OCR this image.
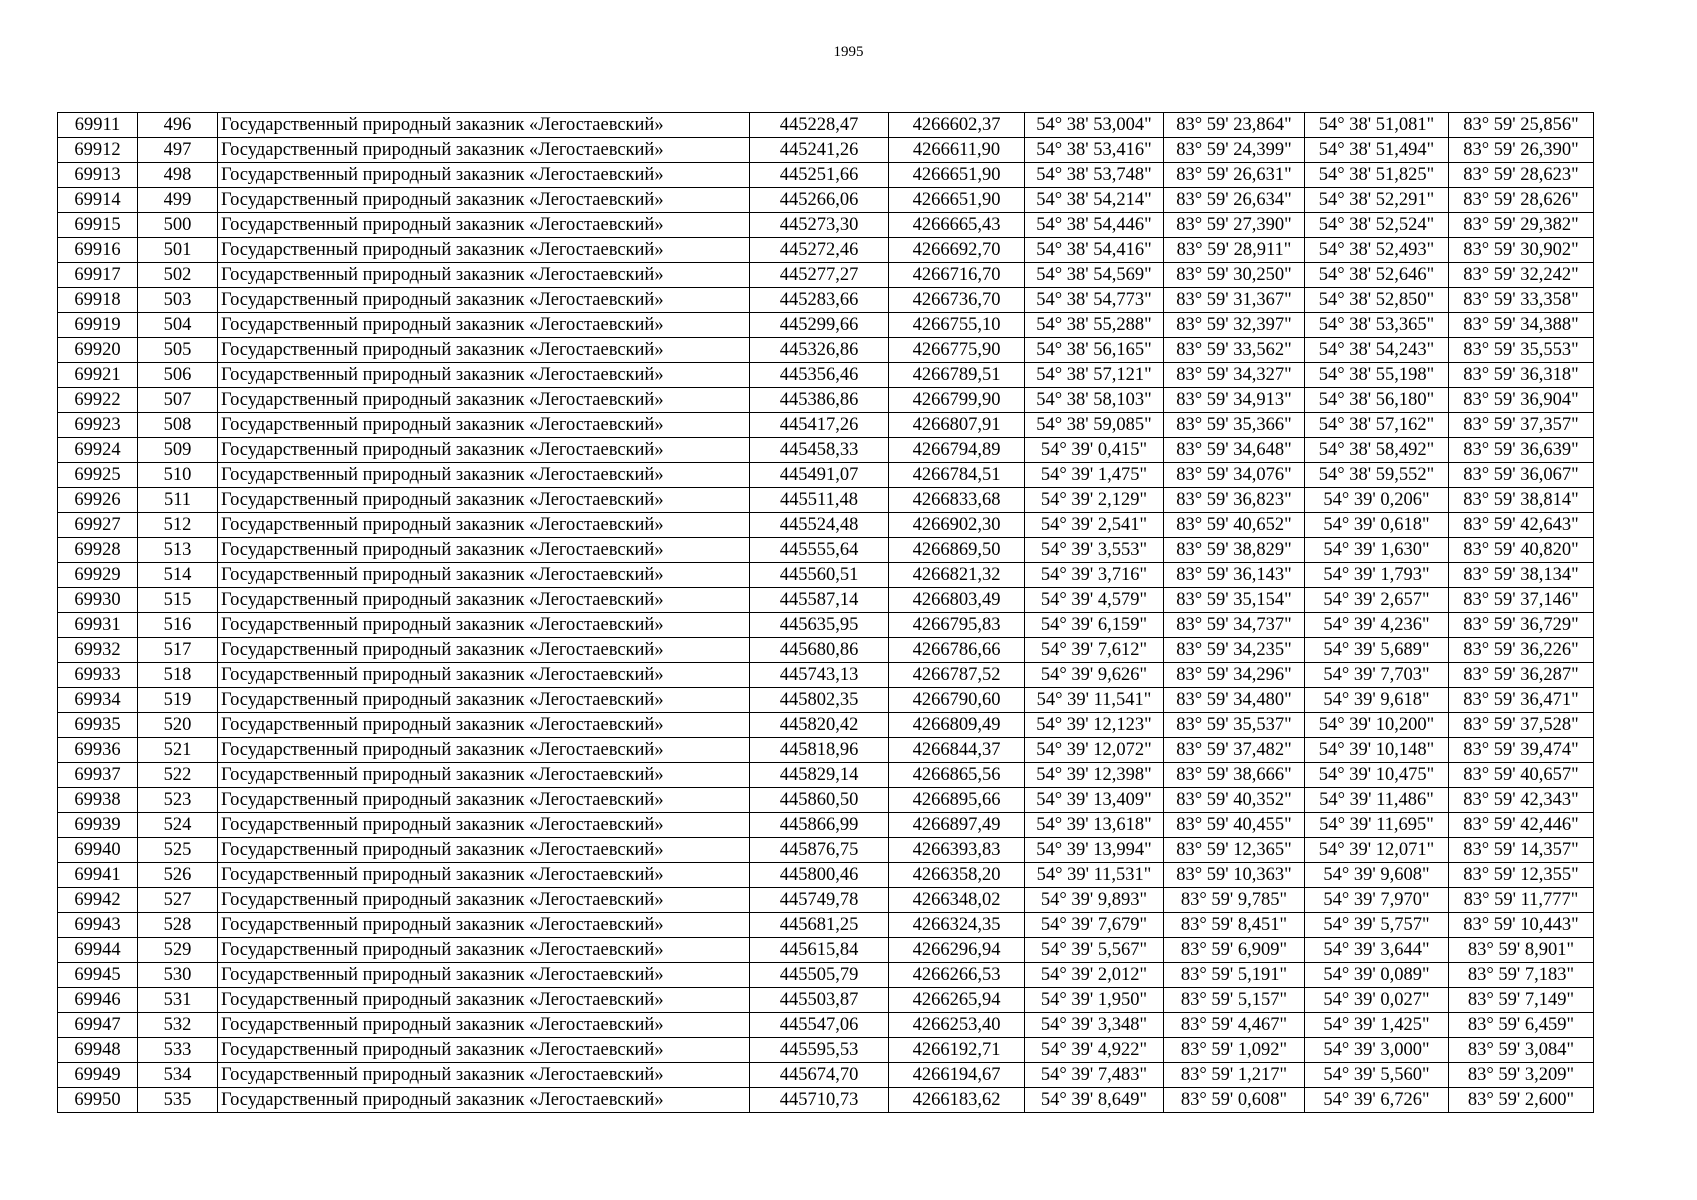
1995
69911	496	Государственный природный заказник «Легостаевский»	445228,47	4266602,37	54° 38' 53,004"	83° 59' 23,864"	54° 38' 51,081"	83° 59' 25,856"
69912	497	Государственный природный заказник «Легостаевский»	445241,26	4266611,90	54° 38' 53,416"	83° 59' 24,399"	54° 38' 51,494"	83° 59' 26,390"
69913	498	Государственный природный заказник «Легостаевский»	445251,66	4266651,90	54° 38' 53,748"	83° 59' 26,631"	54° 38' 51,825"	83° 59' 28,623"
69914	499	Государственный природный заказник «Легостаевский»	445266,06	4266651,90	54° 38' 54,214"	83° 59' 26,634"	54° 38' 52,291"	83° 59' 28,626"
69915	500	Государственный природный заказник «Легостаевский»	445273,30	4266665,43	54° 38' 54,446"	83° 59' 27,390"	54° 38' 52,524"	83° 59' 29,382"
69916	501	Государственный природный заказник «Легостаевский»	445272,46	4266692,70	54° 38' 54,416"	83° 59' 28,911"	54° 38' 52,493"	83° 59' 30,902"
69917	502	Государственный природный заказник «Легостаевский»	445277,27	4266716,70	54° 38' 54,569"	83° 59' 30,250"	54° 38' 52,646"	83° 59' 32,242"
69918	503	Государственный природный заказник «Легостаевский»	445283,66	4266736,70	54° 38' 54,773"	83° 59' 31,367"	54° 38' 52,850"	83° 59' 33,358"
69919	504	Государственный природный заказник «Легостаевский»	445299,66	4266755,10	54° 38' 55,288"	83° 59' 32,397"	54° 38' 53,365"	83° 59' 34,388"
69920	505	Государственный природный заказник «Легостаевский»	445326,86	4266775,90	54° 38' 56,165"	83° 59' 33,562"	54° 38' 54,243"	83° 59' 35,553"
69921	506	Государственный природный заказник «Легостаевский»	445356,46	4266789,51	54° 38' 57,121"	83° 59' 34,327"	54° 38' 55,198"	83° 59' 36,318"
69922	507	Государственный природный заказник «Легостаевский»	445386,86	4266799,90	54° 38' 58,103"	83° 59' 34,913"	54° 38' 56,180"	83° 59' 36,904"
69923	508	Государственный природный заказник «Легостаевский»	445417,26	4266807,91	54° 38' 59,085"	83° 59' 35,366"	54° 38' 57,162"	83° 59' 37,357"
69924	509	Государственный природный заказник «Легостаевский»	445458,33	4266794,89	54° 39' 0,415"	83° 59' 34,648"	54° 38' 58,492"	83° 59' 36,639"
69925	510	Государственный природный заказник «Легостаевский»	445491,07	4266784,51	54° 39' 1,475"	83° 59' 34,076"	54° 38' 59,552"	83° 59' 36,067"
69926	511	Государственный природный заказник «Легостаевский»	445511,48	4266833,68	54° 39' 2,129"	83° 59' 36,823"	54° 39' 0,206"	83° 59' 38,814"
69927	512	Государственный природный заказник «Легостаевский»	445524,48	4266902,30	54° 39' 2,541"	83° 59' 40,652"	54° 39' 0,618"	83° 59' 42,643"
69928	513	Государственный природный заказник «Легостаевский»	445555,64	4266869,50	54° 39' 3,553"	83° 59' 38,829"	54° 39' 1,630"	83° 59' 40,820"
69929	514	Государственный природный заказник «Легостаевский»	445560,51	4266821,32	54° 39' 3,716"	83° 59' 36,143"	54° 39' 1,793"	83° 59' 38,134"
69930	515	Государственный природный заказник «Легостаевский»	445587,14	4266803,49	54° 39' 4,579"	83° 59' 35,154"	54° 39' 2,657"	83° 59' 37,146"
69931	516	Государственный природный заказник «Легостаевский»	445635,95	4266795,83	54° 39' 6,159"	83° 59' 34,737"	54° 39' 4,236"	83° 59' 36,729"
69932	517	Государственный природный заказник «Легостаевский»	445680,86	4266786,66	54° 39' 7,612"	83° 59' 34,235"	54° 39' 5,689"	83° 59' 36,226"
69933	518	Государственный природный заказник «Легостаевский»	445743,13	4266787,52	54° 39' 9,626"	83° 59' 34,296"	54° 39' 7,703"	83° 59' 36,287"
69934	519	Государственный природный заказник «Легостаевский»	445802,35	4266790,60	54° 39' 11,541"	83° 59' 34,480"	54° 39' 9,618"	83° 59' 36,471"
69935	520	Государственный природный заказник «Легостаевский»	445820,42	4266809,49	54° 39' 12,123"	83° 59' 35,537"	54° 39' 10,200"	83° 59' 37,528"
69936	521	Государственный природный заказник «Легостаевский»	445818,96	4266844,37	54° 39' 12,072"	83° 59' 37,482"	54° 39' 10,148"	83° 59' 39,474"
69937	522	Государственный природный заказник «Легостаевский»	445829,14	4266865,56	54° 39' 12,398"	83° 59' 38,666"	54° 39' 10,475"	83° 59' 40,657"
69938	523	Государственный природный заказник «Легостаевский»	445860,50	4266895,66	54° 39' 13,409"	83° 59' 40,352"	54° 39' 11,486"	83° 59' 42,343"
69939	524	Государственный природный заказник «Легостаевский»	445866,99	4266897,49	54° 39' 13,618"	83° 59' 40,455"	54° 39' 11,695"	83° 59' 42,446"
69940	525	Государственный природный заказник «Легостаевский»	445876,75	4266393,83	54° 39' 13,994"	83° 59' 12,365"	54° 39' 12,071"	83° 59' 14,357"
69941	526	Государственный природный заказник «Легостаевский»	445800,46	4266358,20	54° 39' 11,531"	83° 59' 10,363"	54° 39' 9,608"	83° 59' 12,355"
69942	527	Государственный природный заказник «Легостаевский»	445749,78	4266348,02	54° 39' 9,893"	83° 59' 9,785"	54° 39' 7,970"	83° 59' 11,777"
69943	528	Государственный природный заказник «Легостаевский»	445681,25	4266324,35	54° 39' 7,679"	83° 59' 8,451"	54° 39' 5,757"	83° 59' 10,443"
69944	529	Государственный природный заказник «Легостаевский»	445615,84	4266296,94	54° 39' 5,567"	83° 59' 6,909"	54° 39' 3,644"	83° 59' 8,901"
69945	530	Государственный природный заказник «Легостаевский»	445505,79	4266266,53	54° 39' 2,012"	83° 59' 5,191"	54° 39' 0,089"	83° 59' 7,183"
69946	531	Государственный природный заказник «Легостаевский»	445503,87	4266265,94	54° 39' 1,950"	83° 59' 5,157"	54° 39' 0,027"	83° 59' 7,149"
69947	532	Государственный природный заказник «Легостаевский»	445547,06	4266253,40	54° 39' 3,348"	83° 59' 4,467"	54° 39' 1,425"	83° 59' 6,459"
69948	533	Государственный природный заказник «Легостаевский»	445595,53	4266192,71	54° 39' 4,922"	83° 59' 1,092"	54° 39' 3,000"	83° 59' 3,084"
69949	534	Государственный природный заказник «Легостаевский»	445674,70	4266194,67	54° 39' 7,483"	83° 59' 1,217"	54° 39' 5,560"	83° 59' 3,209"
69950	535	Государственный природный заказник «Легостаевский»	445710,73	4266183,62	54° 39' 8,649"	83° 59' 0,608"	54° 39' 6,726"	83° 59' 2,600"
